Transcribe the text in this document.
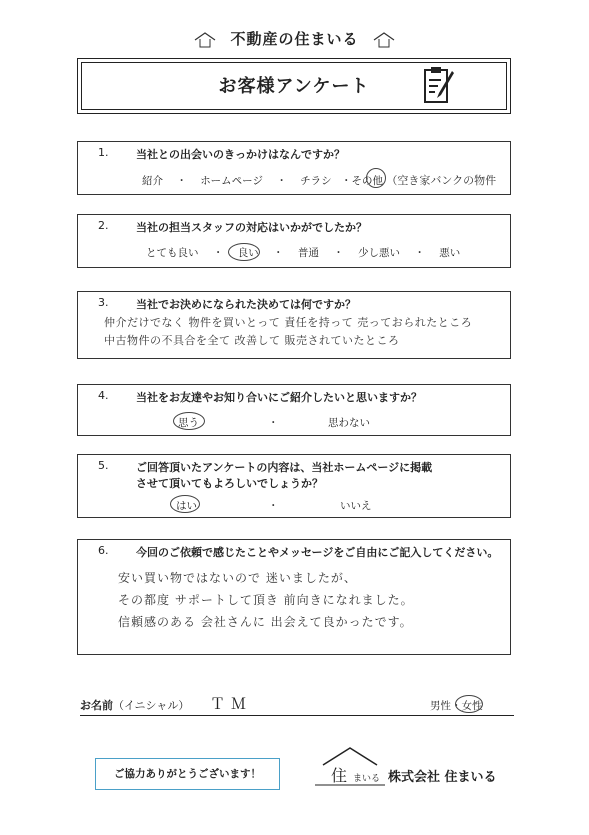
不動産の住まいる
お客様アンケート
1.	当社との出会いのきっかけはなんですか？
紹介 ・ ホームページ ・ チラシ ・その他 （空き家バンクの物件
2.	当社の担当スタッフの対応はいかがでしたか？
とても良い ・ 良い ・ 普通 ・ 少し悪い ・ 悪い
3.	当社でお決めになられた決めては何ですか？
仲介だけでなく 物件を買いとって 責任を持って 売っておられたところ
中古物件の不具合を全て 改善して 販売されていたところ
4.	当社をお友達やお知り合いにご紹介したいと思いますか？
思う	・	思わない
5.	ご回答頂いたアンケートの内容は、当社ホームページに掲載
させて頂いてもよろしいでしょうか？
はい	・	いいえ
6.	今回のご依頼で感じたことやメッセージをご自由にご記入してください。
安い買い物ではないので 迷いましたが、
その都度 サポートして頂き 前向きになれました。
信頼感のある 会社さんに 出会えて良かったです。
お名前（イニシャル） ＴＭ	男性・女性
ご協力ありがとうございます！	住 まいる 株式会社 住まいる
